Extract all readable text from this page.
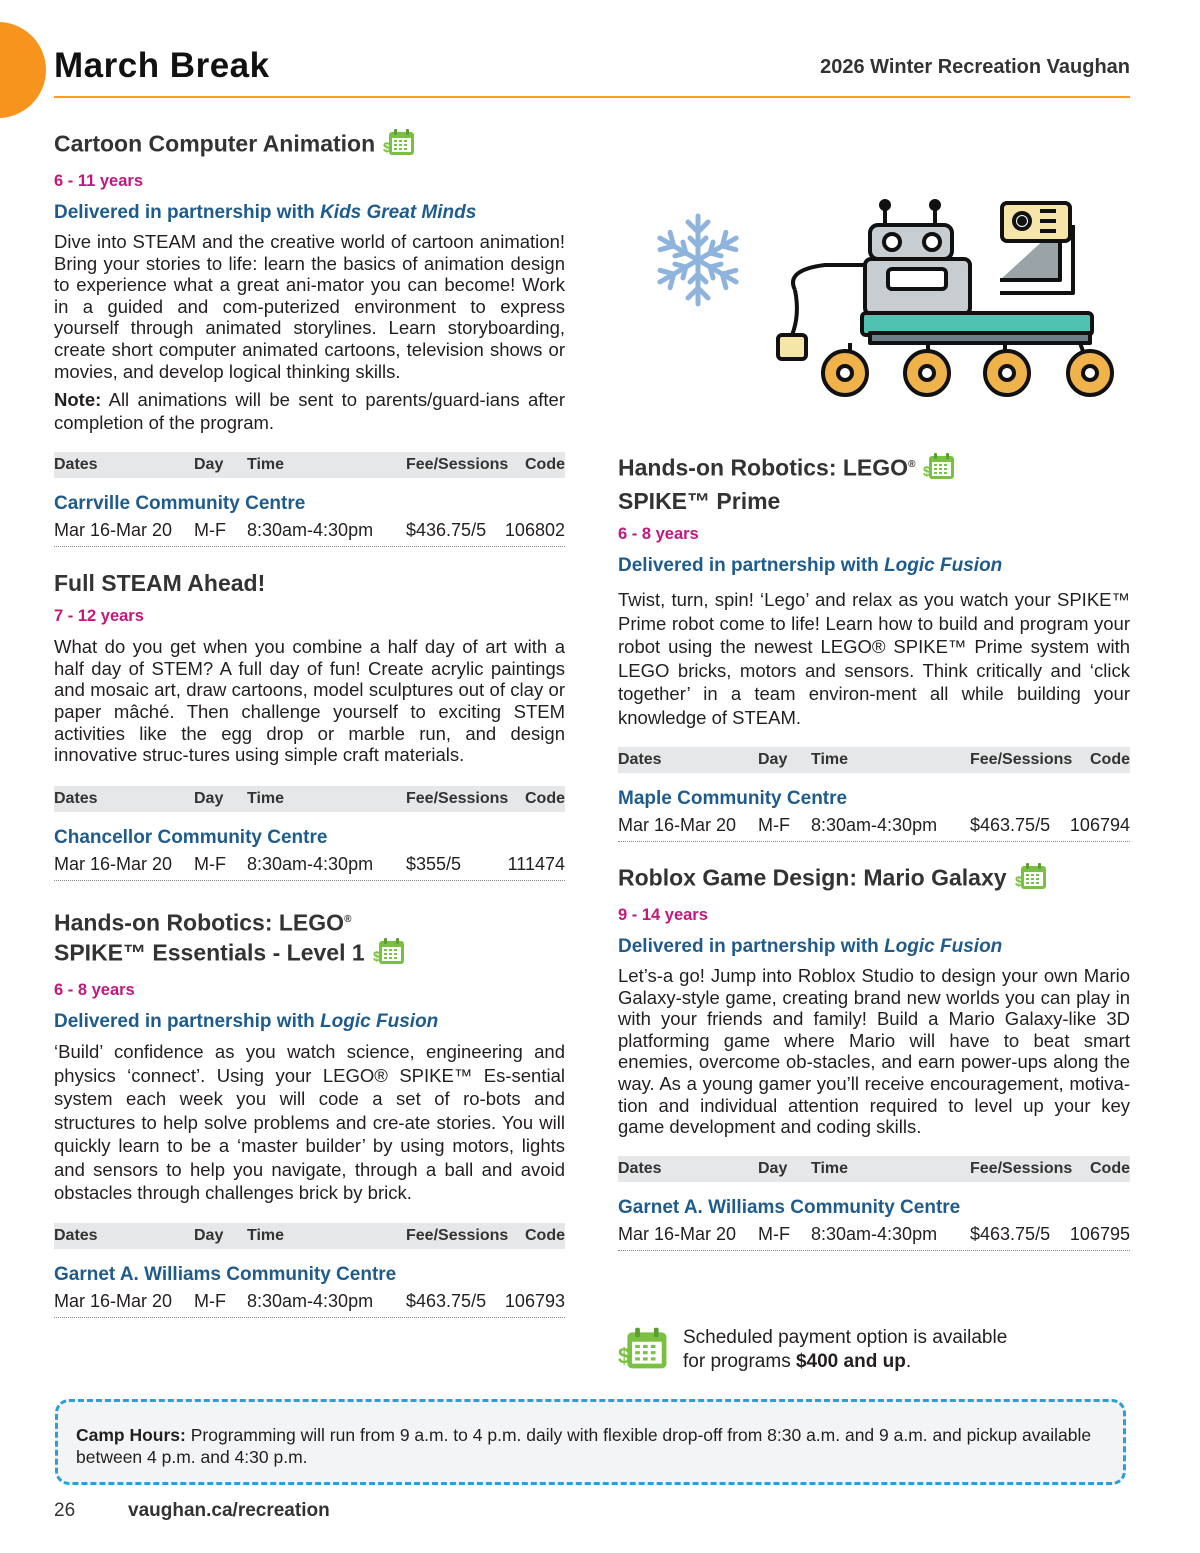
March Break	2026 Winter Recreation Vaughan
Cartoon Computer Animation $
6 - 11 years
Delivered in partnership with Kids Great Minds
Dive into STEAM and the creative world of cartoon animation! Bring your stories to life: learn the basics of animation design to experience what a great ani-mator you can become! Work in a guided and com-puterized environment to express yourself through animated storylines. Learn storyboarding, create short computer animated cartoons, television shows or movies, and develop logical thinking skills.
Note: All animations will be sent to parents/guard-ians after completion of the program.
Dates	Day Time	Fee/Sessions Code
Carrville Community Centre
Mar 16-Mar 20 M-F 8:30am-4:30pm $436.75/5 106802
Full STEAM Ahead!
7 - 12 years
What do you get when you combine a half day of art with a half day of STEM? A full day of fun! Create acrylic paintings and mosaic art, draw cartoons, model sculptures out of clay or paper mâché. Then challenge yourself to exciting STEM activities like the egg drop or marble run, and design innovative struc-tures using simple craft materials.
Dates	Day Time	Fee/Sessions Code
Chancellor Community Centre
Mar 16-Mar 20 M-F 8:30am-4:30pm $355/5	111474
Hands-on Robotics: LEGO®
SPIKE™ Essentials - Level 1 $
6 - 8 years
Delivered in partnership with Logic Fusion
‘Build’ confidence as you watch science, engineering and physics ‘connect’. Using your LEGO® SPIKE™ Es-sential system each week you will code a set of ro-bots and structures to help solve problems and cre-ate stories. You will quickly learn to be a ‘master builder’ by using motors, lights and sensors to help you navigate, through a ball and avoid obstacles through challenges brick by brick.
Dates	Day Time	Fee/Sessions Code
Garnet A. Williams Community Centre
Mar 16-Mar 20 M-F 8:30am-4:30pm $463.75/5 106793
Hands-on Robotics: LEGO® $

SPIKE™ Prime
6 - 8 years
Delivered in partnership with Logic Fusion
Twist, turn, spin! ‘Lego’ and relax as you watch your SPIKE™ Prime robot come to life! Learn how to build and program your robot using the newest LEGO® SPIKE™ Prime system with LEGO bricks, motors and sensors. Think critically and ‘click together’ in a team environ-ment all while building your knowledge of STEAM.
Dates	Day Time	Fee/Sessions Code
Maple Community Centre
Mar 16-Mar 20 M-F 8:30am-4:30pm $463.75/5 106794
Roblox Game Design: Mario Galaxy $
9 - 14 years
Delivered in partnership with Logic Fusion
Let’s-a go! Jump into Roblox Studio to design your own Mario Galaxy-style game, creating brand new worlds you can play in with your friends and family! Build a Mario Galaxy-like 3D platforming game where Mario will have to beat smart enemies, overcome ob-stacles, and earn power-ups along the way. As a young gamer you’ll receive encouragement, motiva-tion and individual attention required to level up your key game development and coding skills.
Dates	Day Time	Fee/Sessions Code
Garnet A. Williams Community Centre
Mar 16-Mar 20 M-F 8:30am-4:30pm $463.75/5 106795
$
Scheduled payment option is available
for programs $400 and up.
Camp Hours: Programming will run from 9 a.m. to 4 p.m. daily with flexible drop-off from 8:30 a.m. and 9 a.m. and pickup available between 4 p.m. and 4:30 p.m.
26	vaughan.ca/recreation
